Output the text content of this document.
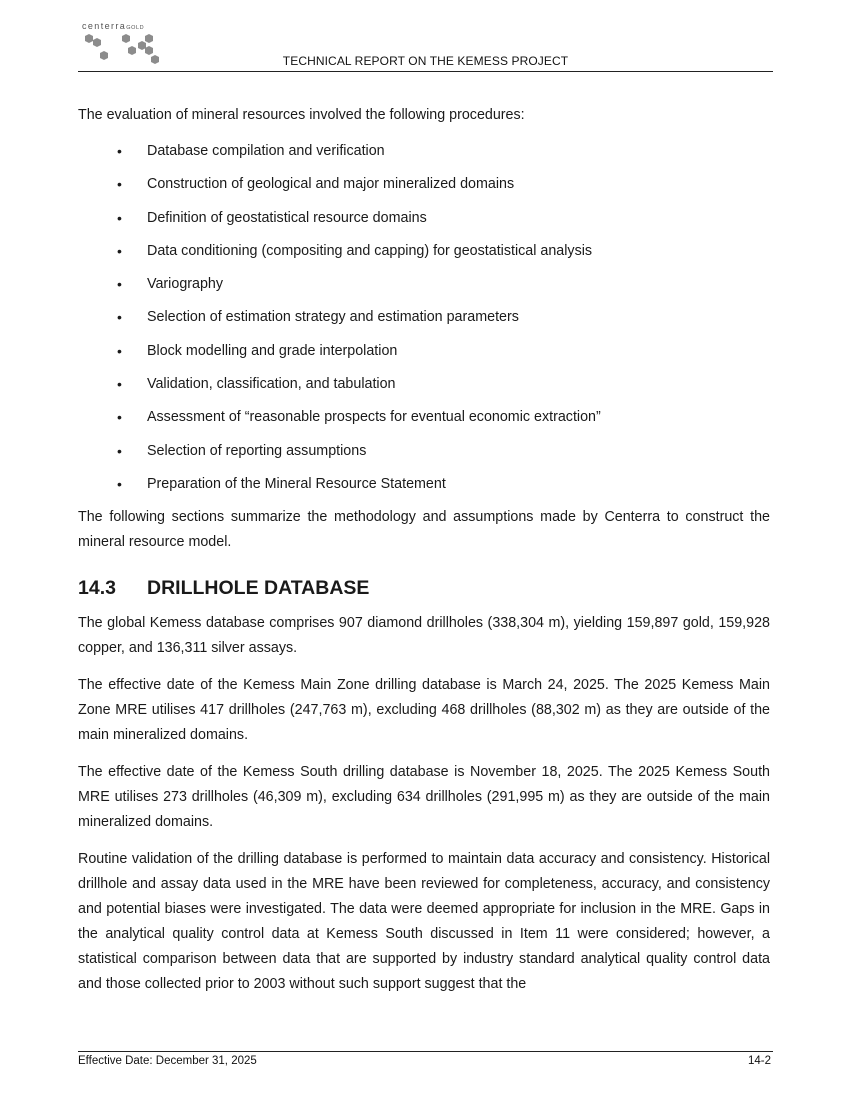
centerraGOLD
TECHNICAL REPORT ON THE KEMESS PROJECT

The evaluation of mineral resources involved the following procedures:

• Database compilation and verification
• Construction of geological and major mineralized domains
• Definition of geostatistical resource domains
• Data conditioning (compositing and capping) for geostatistical analysis
• Variography
• Selection of estimation strategy and estimation parameters
• Block modelling and grade interpolation
• Validation, classification, and tabulation
• Assessment of “reasonable prospects for eventual economic extraction”
• Selection of reporting assumptions
• Preparation of the Mineral Resource Statement

The following sections summarize the methodology and assumptions made by Centerra to construct the mineral resource model.

14.3 DRILLHOLE DATABASE

The global Kemess database comprises 907 diamond drillholes (338,304 m), yielding 159,897 gold, 159,928 copper, and 136,311 silver assays.

The effective date of the Kemess Main Zone drilling database is March 24, 2025. The 2025 Kemess Main Zone MRE utilises 417 drillholes (247,763 m), excluding 468 drillholes (88,302 m) as they are outside of the main mineralized domains.

The effective date of the Kemess South drilling database is November 18, 2025. The 2025 Kemess South MRE utilises 273 drillholes (46,309 m), excluding 634 drillholes (291,995 m) as they are outside of the main mineralized domains.

Routine validation of the drilling database is performed to maintain data accuracy and consistency. Historical drillhole and assay data used in the MRE have been reviewed for completeness, accuracy, and consistency and potential biases were investigated. The data were deemed appropriate for inclusion in the MRE. Gaps in the analytical quality control data at Kemess South discussed in Item 11 were considered; however, a statistical comparison between data that are supported by industry standard analytical quality control data and those collected prior to 2003 without such support suggest that the

Effective Date: December 31, 2025	14-2
